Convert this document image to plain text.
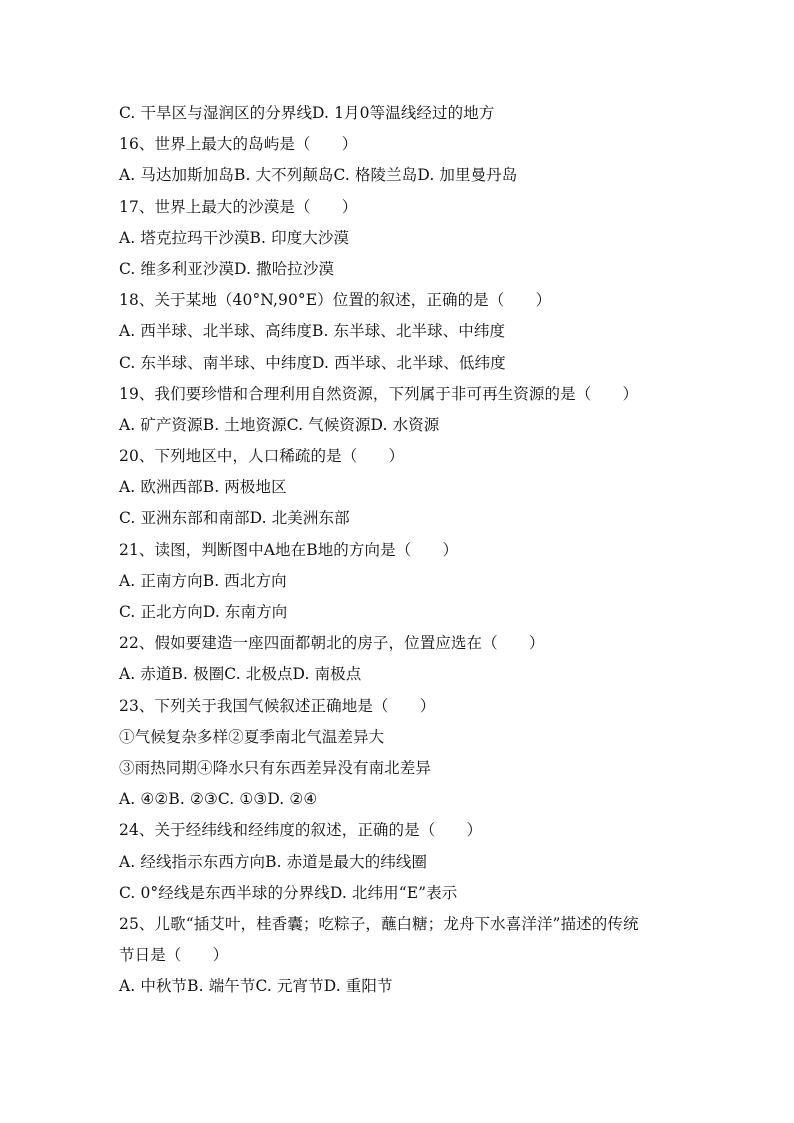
C. 干旱区与湿润区的分界线D. 1月0等温线经过的地方
16、世界上最大的岛屿是（　　）
A. 马达加斯加岛B. 大不列颠岛C. 格陵兰岛D. 加里曼丹岛
17、世界上最大的沙漠是（　　）
A. 塔克拉玛干沙漠B. 印度大沙漠
C. 维多利亚沙漠D. 撒哈拉沙漠
18、关于某地（40°N,90°E）位置的叙述，正确的是（　　）
A. 西半球、北半球、高纬度B. 东半球、北半球、中纬度
C. 东半球、南半球、中纬度D. 西半球、北半球、低纬度
19、我们要珍惜和合理利用自然资源，下列属于非可再生资源的是（　　）
A. 矿产资源B. 土地资源C. 气候资源D. 水资源
20、下列地区中，人口稀疏的是（　　）
A. 欧洲西部B. 两极地区
C. 亚洲东部和南部D. 北美洲东部
21、读图，判断图中A地在B地的方向是（　　）
A. 正南方向B. 西北方向
C. 正北方向D. 东南方向
22、假如要建造一座四面都朝北的房子，位置应选在（　　）
A. 赤道B. 极圈C. 北极点D. 南极点
23、下列关于我国气候叙述正确地是（　　）
①气候复杂多样②夏季南北气温差异大
③雨热同期④降水只有东西差异没有南北差异
A. ④②B. ②③C. ①③D. ②④
24、关于经纬线和经纬度的叙述，正确的是（　　）
A. 经线指示东西方向B. 赤道是最大的纬线圈
C. 0°经线是东西半球的分界线D. 北纬用“E”表示
25、儿歌“插艾叶，桂香囊；吃粽子，蘸白糖；龙舟下水喜洋洋”描述的传统
节日是（　　）
A. 中秋节B. 端午节C. 元宵节D. 重阳节
